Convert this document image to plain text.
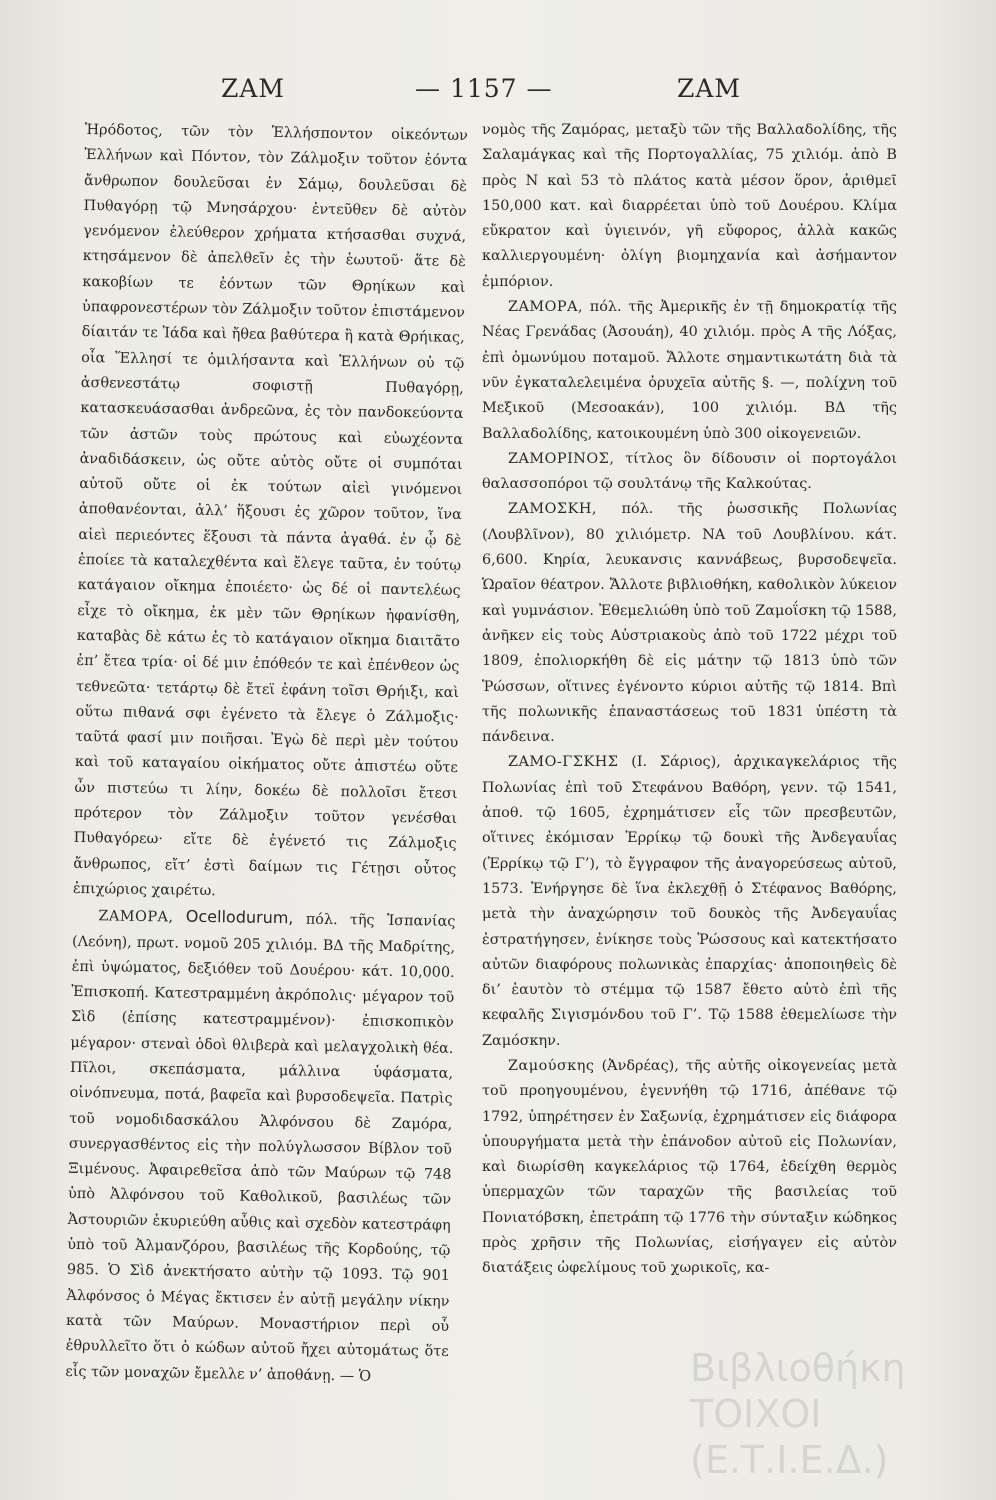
ZAM	— 1157 —	ZAM

Ἡρόδοτος, τῶν τὸν Ἑλλήσποντον οἰκεόντων Ἑλλήνων καὶ Πόντον, τὸν Ζάλμοξιν τοῦτον ἐόντα ἄνθρωπον δουλεῦσαι ἐν Σάμῳ, δουλεῦσαι δὲ Πυθαγόρῃ τῷ Μνησάρχου· ἐντεῦθεν δὲ αὐτὸν γενόμενον ἐλεύθερον χρήματα κτήσασθαι συχνά, κτησάμενον δὲ ἀπελθεῖν ἐς τὴν ἑωυτοῦ· ἅτε δὲ κακοβίων τε ἐόντων τῶν Θρηίκων καὶ ὑπαφρονεστέρων τὸν Ζάλμοξιν τοῦτον ἐπιστάμενον δίαιτάν τε Ἰάδα καὶ ἤθεα βαθύτερα ἢ κατὰ Θρήικας, οἷα Ἕλλησί τε ὁμιλήσαντα καὶ Ἑλλήνων οὐ τῷ ἀσθενεστάτῳ σοφιστῇ Πυθαγόρῃ, κατασκευάσασθαι ἀνδρεῶνα, ἐς τὸν πανδοκεύοντα τῶν ἀστῶν τοὺς πρώτους καὶ εὐωχέοντα ἀναδιδάσκειν, ὡς οὔτε αὐτὸς οὔτε οἱ συμπόται αὐτοῦ οὔτε οἱ ἐκ τούτων αἰεὶ γινόμενοι ἀποθανέονται, ἀλλ’ ἥξουσι ἐς χῶρον τοῦτον, ἵνα αἰεὶ περιεόντες ἕξουσι τὰ πάντα ἀγαθά. ἐν ᾧ δὲ ἐποίεε τὰ καταλεχθέντα καὶ ἔλεγε ταῦτα, ἐν τούτῳ κατάγαιον οἴκημα ἐποιέετο· ὡς δέ οἱ παντελέως εἶχε τὸ οἴκημα, ἐκ μὲν τῶν Θρηίκων ἠφανίσθη, καταβὰς δὲ κάτω ἐς τὸ κατάγαιον οἴκημα διαιτᾶτο ἐπ’ ἔτεα τρία· οἱ δέ μιν ἐπόθεόν τε καὶ ἐπένθεον ὡς τεθνεῶτα· τετάρτῳ δὲ ἔτεϊ ἐφάνη τοῖσι Θρήιξι, καὶ οὕτω πιθανά σφι ἐγένετο τὰ ἔλεγε ὁ Ζάλμοξις· ταῦτά φασί μιν ποιῆσαι. Ἐγὼ δὲ περὶ μὲν τούτου καὶ τοῦ καταγαίου οἰκήματος οὔτε ἀπιστέω οὔτε ὦν πιστεύω τι λίην, δοκέω δὲ πολλοῖσι ἔτεσι πρότερον τὸν Ζάλμοξιν τοῦτον γενέσθαι Πυθαγόρεω· εἴτε δὲ ἐγένετό τις Ζάλμοξις ἄνθρωπος, εἴτ’ ἐστὶ δαίμων τις Γέτῃσι οὗτος ἐπιχώριος χαιρέτω.

ΖΑΜΟΡΑ, Ocellodurum, πόλ. τῆς Ἱσπανίας (Λεόνη), πρωτ. νομοῦ 205 χιλιόμ. ΒΔ τῆς Μαδρίτης, ἐπὶ ὑψώματος, δεξιόθεν τοῦ Δουέρου· κάτ. 10,000. Ἐπισκοπή. Κατεστραμμένη ἀκρόπολις· μέγαρον τοῦ Σὶδ (ἐπίσης κατεστραμμένον)· ἐπισκοπικὸν μέγαρον· στεναὶ ὁδοὶ θλιβερὰ καὶ μελαγχολικὴ θέα. Πῖλοι, σκεπάσματα, μάλλινα ὑφάσματα, οἰνόπνευμα, ποτά, βαφεῖα καὶ βυρσοδεψεῖα. Πατρὶς τοῦ νομοδιδασκάλου Ἀλφόνσου δὲ Ζαμόρα, συνεργασθέντος εἰς τὴν πολύγλωσσον Βίβλον τοῦ Ξιμένους. Ἀφαιρεθεῖσα ἀπὸ τῶν Μαύρων τῷ 748 ὑπὸ Ἀλφόνσου τοῦ Καθολικοῦ, βασιλέως τῶν Ἀστουριῶν ἐκυριεύθη αὖθις καὶ σχεδὸν κατεστράφη ὑπὸ τοῦ Ἀλμανζόρου, βασιλέως τῆς Κορδούης, τῷ 985. Ὁ Σὶδ ἀνεκτήσατο αὐτὴν τῷ 1093. Τῷ 901 Ἀλφόνσος ὁ Μέγας ἔκτισεν ἐν αὐτῇ μεγάλην νίκην κατὰ τῶν Μαύρων. Μοναστήριον περὶ οὗ ἐθρυλλεῖτο ὅτι ὁ κώδων αὐτοῦ ἤχει αὐτομάτως ὅτε εἷς τῶν μοναχῶν ἔμελλε ν’ ἀποθάνῃ. — Ὁ

νομὸς τῆς Ζαμόρας, μεταξὺ τῶν τῆς Βαλλαδολίδης, τῆς Σαλαμάγκας καὶ τῆς Πορτογαλλίας, 75 χιλιόμ. ἀπὸ Β πρὸς Ν καὶ 53 τὸ πλάτος κατὰ μέσον ὅρον, ἀριθμεῖ 150,000 κατ. καὶ διαρρέεται ὑπὸ τοῦ Δουέρου. Κλίμα εὔκρατον καὶ ὑγιεινόν, γῆ εὔφορος, ἀλλὰ κακῶς καλλιεργουμένη· ὀλίγη βιομηχανία καὶ ἀσήμαντον ἐμπόριον.

ΖΑΜΟΡΑ, πόλ. τῆς Ἀμερικῆς ἐν τῇ δημοκρατίᾳ τῆς Νέας Γρενάδας (Ἀσουάη), 40 χιλιόμ. πρὸς Α τῆς Λόξας, ἐπὶ ὁμωνύμου ποταμοῦ. Ἄλλοτε σημαντικωτάτη διὰ τὰ νῦν ἐγκαταλελειμένα ὀρυχεῖα αὐτῆς §. —, πολίχνη τοῦ Μεξικοῦ (Μεσοακάν), 100 χιλιόμ. ΒΔ τῆς Βαλλαδολίδης, κατοικουμένη ὑπὸ 300 οἰκογενειῶν.

ΖΑΜΟΡΙΝΟΣ, τίτλος ὃν δίδουσιν οἱ πορτογάλοι θαλασσοπόροι τῷ σουλτάνῳ τῆς Καλκούτας.

ΖΑΜΟΣΚΗ, πόλ. τῆς ῥωσσικῆς Πολωνίας (Λουβλῖνον), 80 χιλιόμετρ. ΝΑ τοῦ Λουβλίνου. κάτ. 6,600. Κηρία, λευκανσις καννάβεως, βυρσοδεψεῖα. Ὡραῖον θέατρον. Ἄλλοτε βιβλιοθήκη, καθολικὸν λύκειον καὶ γυμνάσιον. Ἐθεμελιώθη ὑπὸ τοῦ Ζαμοΐσκη τῷ 1588, ἀνῆκεν εἰς τοὺς Αὐστριακοὺς ἀπὸ τοῦ 1722 μέχρι τοῦ 1809, ἐπολιορκήθη δὲ εἰς μάτην τῷ 1813 ὑπὸ τῶν Ῥώσσων, οἵτινες ἐγένοντο κύριοι αὐτῆς τῷ 1814. Βπὶ τῆς πολωνικῆς ἐπαναστάσεως τοῦ 1831 ὑπέστη τὰ πάνδεινα.

ΖΑΜΟ-ΓΣΚΗΣ (Ι. Σάριος), ἀρχικαγκελάριος τῆς Πολωνίας ἐπὶ τοῦ Στεφάνου Βαθόρη, γενν. τῷ 1541, ἀποθ. τῷ 1605, ἐχρημάτισεν εἷς τῶν πρεσβευτῶν, οἵτινες ἐκόμισαν Ἐρρίκῳ τῷ δουκὶ τῆς Ἀνδεγαυΐας (Ἐρρίκῳ τῷ Γ’), τὸ ἔγγραφον τῆς ἀναγορεύσεως αὐτοῦ, 1573. Ἐνήργησε δὲ ἵνα ἐκλεχθῇ ὁ Στέφανος Βαθόρης, μετὰ τὴν ἀναχώρησιν τοῦ δουκὸς τῆς Ἀνδεγαυΐας ἐστρατήγησεν, ἐνίκησε τοὺς Ῥώσσους καὶ κατεκτήσατο αὐτῶν διαφόρους πολωνικὰς ἐπαρχίας· ἀποποιηθεὶς δὲ δι’ ἑαυτὸν τὸ στέμμα τῷ 1587 ἔθετο αὐτὸ ἐπὶ τῆς κεφαλῆς Σιγισμόνδου τοῦ Γ’. Τῷ 1588 ἐθεμελίωσε τὴν Ζαμόσκην.

Ζαμούσκης (Ἀνδρέας), τῆς αὐτῆς οἰκογενείας μετὰ τοῦ προηγουμένου, ἐγεννήθη τῷ 1716, ἀπέθανε τῷ 1792, ὑπηρέτησεν ἐν Σαξωνίᾳ, ἐχρημάτισεν εἰς διάφορα ὑπουργήματα μετὰ τὴν ἐπάνοδον αὐτοῦ εἰς Πολωνίαν, καὶ διωρίσθη καγκελάριος τῷ 1764, ἐδείχθη θερμὸς ὑπερμαχῶν τῶν ταραχῶν τῆς βασιλείας τοῦ Πονιατόβσκη, ἐπετράπη τῷ 1776 τὴν σύνταξιν κώδηκος πρὸς χρῆσιν τῆς Πολωνίας, εἰσήγαγεν εἰς αὐτὸν διατάξεις ὠφελίμους τοῦ χωρικοῖς, κα-

Βιβλιοθήκη
ΤΟΙΧΟΙ (Ε.Τ.Ι.Ε.Δ.)
